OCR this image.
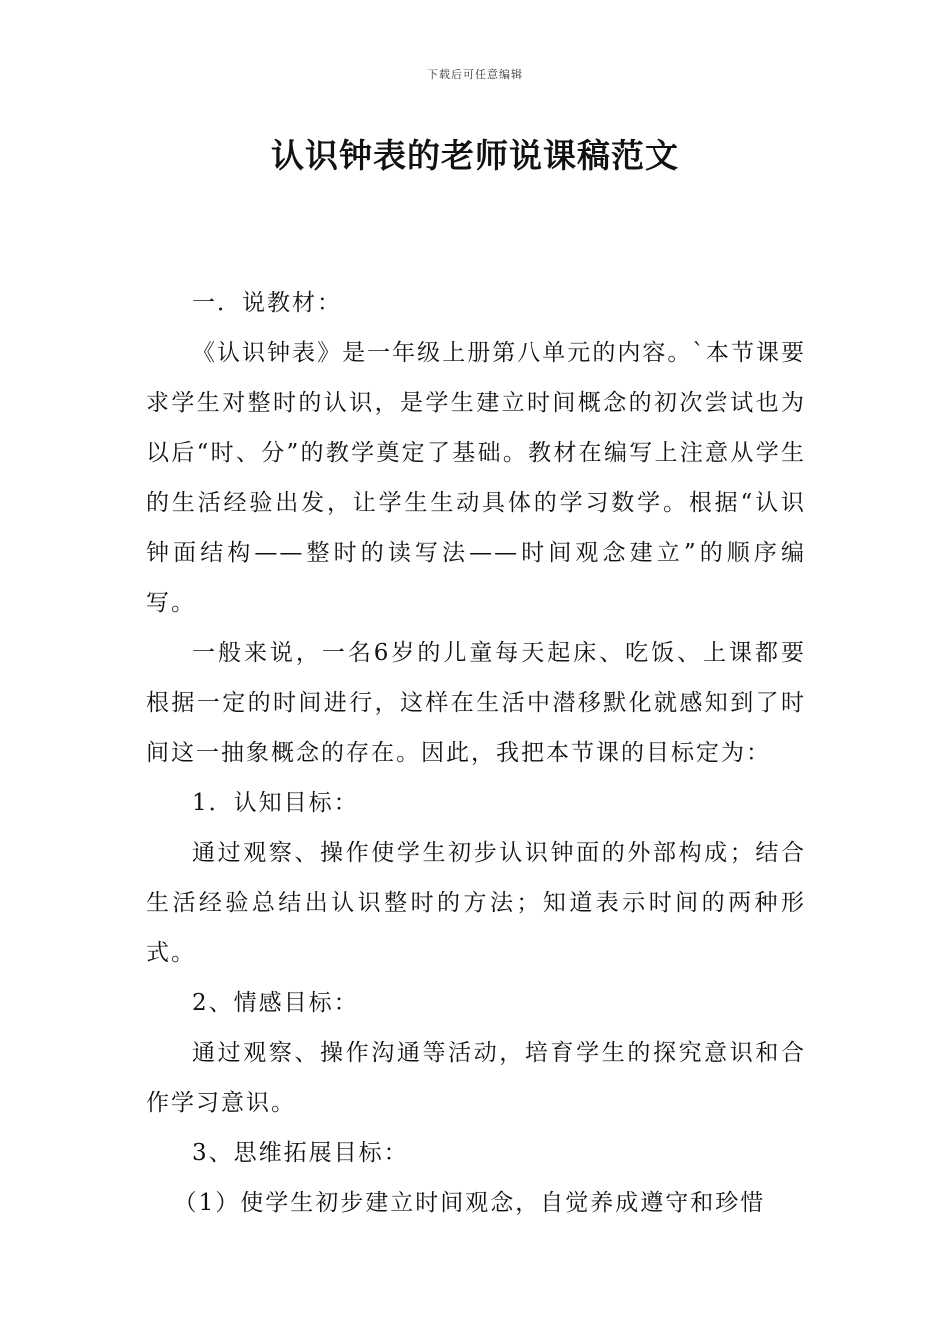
下载后可任意编辑
认识钟表的老师说课稿范文

一．说教材：

《认识钟表》是一年级上册第八单元的内容。`本节课要求学生对整时的认识，是学生建立时间概念的初次尝试也为以后“时、分”的教学奠定了基础。教材在编写上注意从学生的生活经验出发，让学生生动具体的学习数学。根据“认识钟面结构——整时的读写法——时间观念建立”的顺序编写。

一般来说，一名6岁的儿童每天起床、吃饭、上课都要根据一定的时间进行，这样在生活中潜移默化就感知到了时间这一抽象概念的存在。因此，我把本节课的目标定为：

1．认知目标：

通过观察、操作使学生初步认识钟面的外部构成；结合生活经验总结出认识整时的方法；知道表示时间的两种形式。

2、情感目标：

通过观察、操作沟通等活动，培育学生的探究意识和合作学习意识。

3、思维拓展目标：

（1）使学生初步建立时间观念，自觉养成遵守和珍惜
